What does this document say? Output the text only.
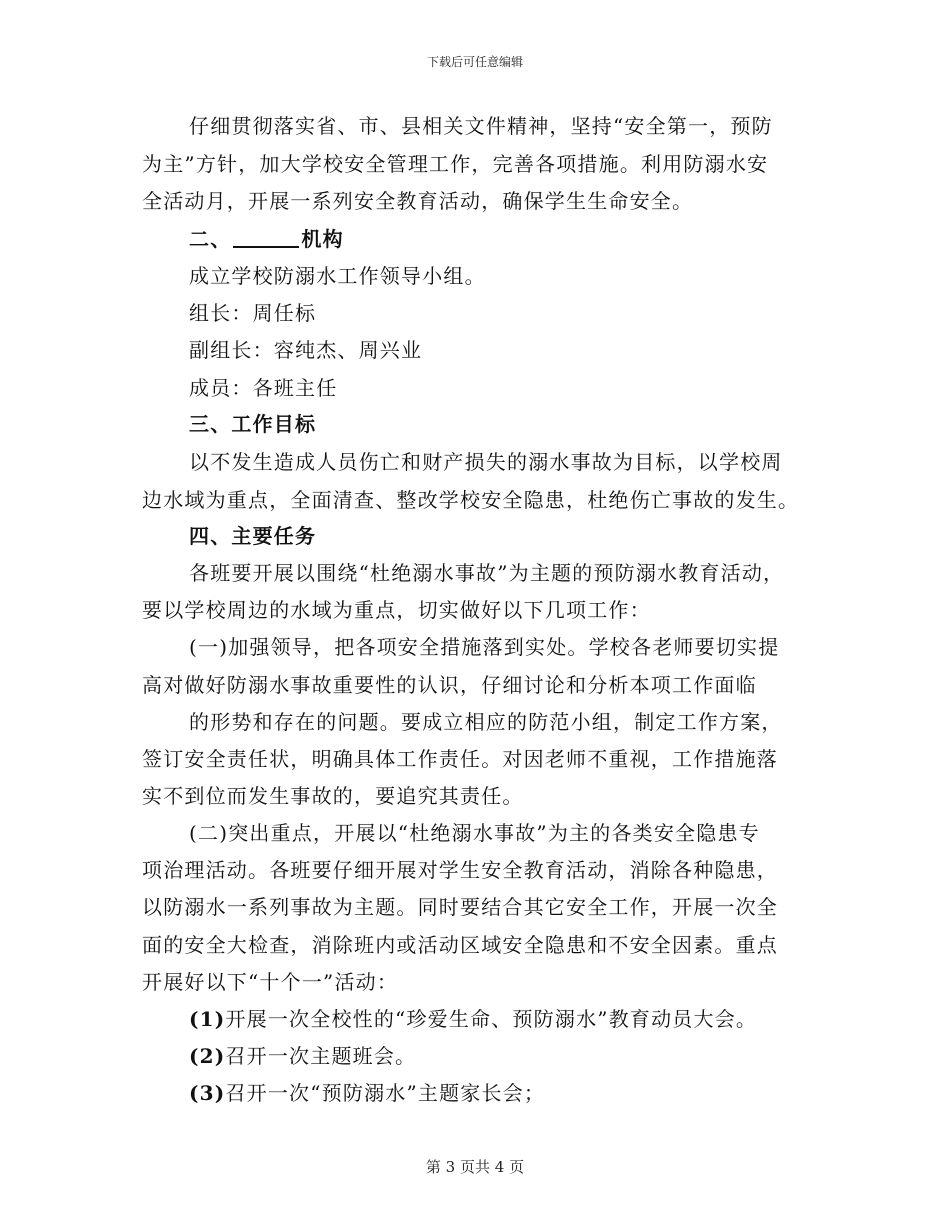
下载后可任意编辑
仔细贯彻落实省、市、县相关文件精神，坚持“安全第一，预防
为主”方针，加大学校安全管理工作，完善各项措施。利用防溺水安
全活动月，开展一系列安全教育活动，确保学生生命安全。
二、	机构
成立学校防溺水工作领导小组。
组长：周任标
副组长：容纯杰、周兴业
成员：各班主任
三、工作目标
以不发生造成人员伤亡和财产损失的溺水事故为目标，以学校周
边水域为重点，全面清查、整改学校安全隐患，杜绝伤亡事故的发生。
四、主要任务
各班要开展以围绕“杜绝溺水事故”为主题的预防溺水教育活动，
要以学校周边的水域为重点，切实做好以下几项工作：
(一)加强领导，把各项安全措施落到实处。学校各老师要切实提
高对做好防溺水事故重要性的认识，仔细讨论和分析本项工作面临
的形势和存在的问题。要成立相应的防范小组，制定工作方案，
签订安全责任状，明确具体工作责任。对因老师不重视，工作措施落
实不到位而发生事故的，要追究其责任。
(二)突出重点，开展以“杜绝溺水事故”为主的各类安全隐患专
项治理活动。各班要仔细开展对学生安全教育活动，消除各种隐患，
以防溺水一系列事故为主题。同时要结合其它安全工作，开展一次全
面的安全大检查，消除班内或活动区域安全隐患和不安全因素。重点
开展好以下“十个一”活动：
(1)开展一次全校性的“珍爱生命、预防溺水”教育动员大会。
(2)召开一次主题班会。
(3)召开一次“预防溺水”主题家长会；
第 3 页共 4 页
